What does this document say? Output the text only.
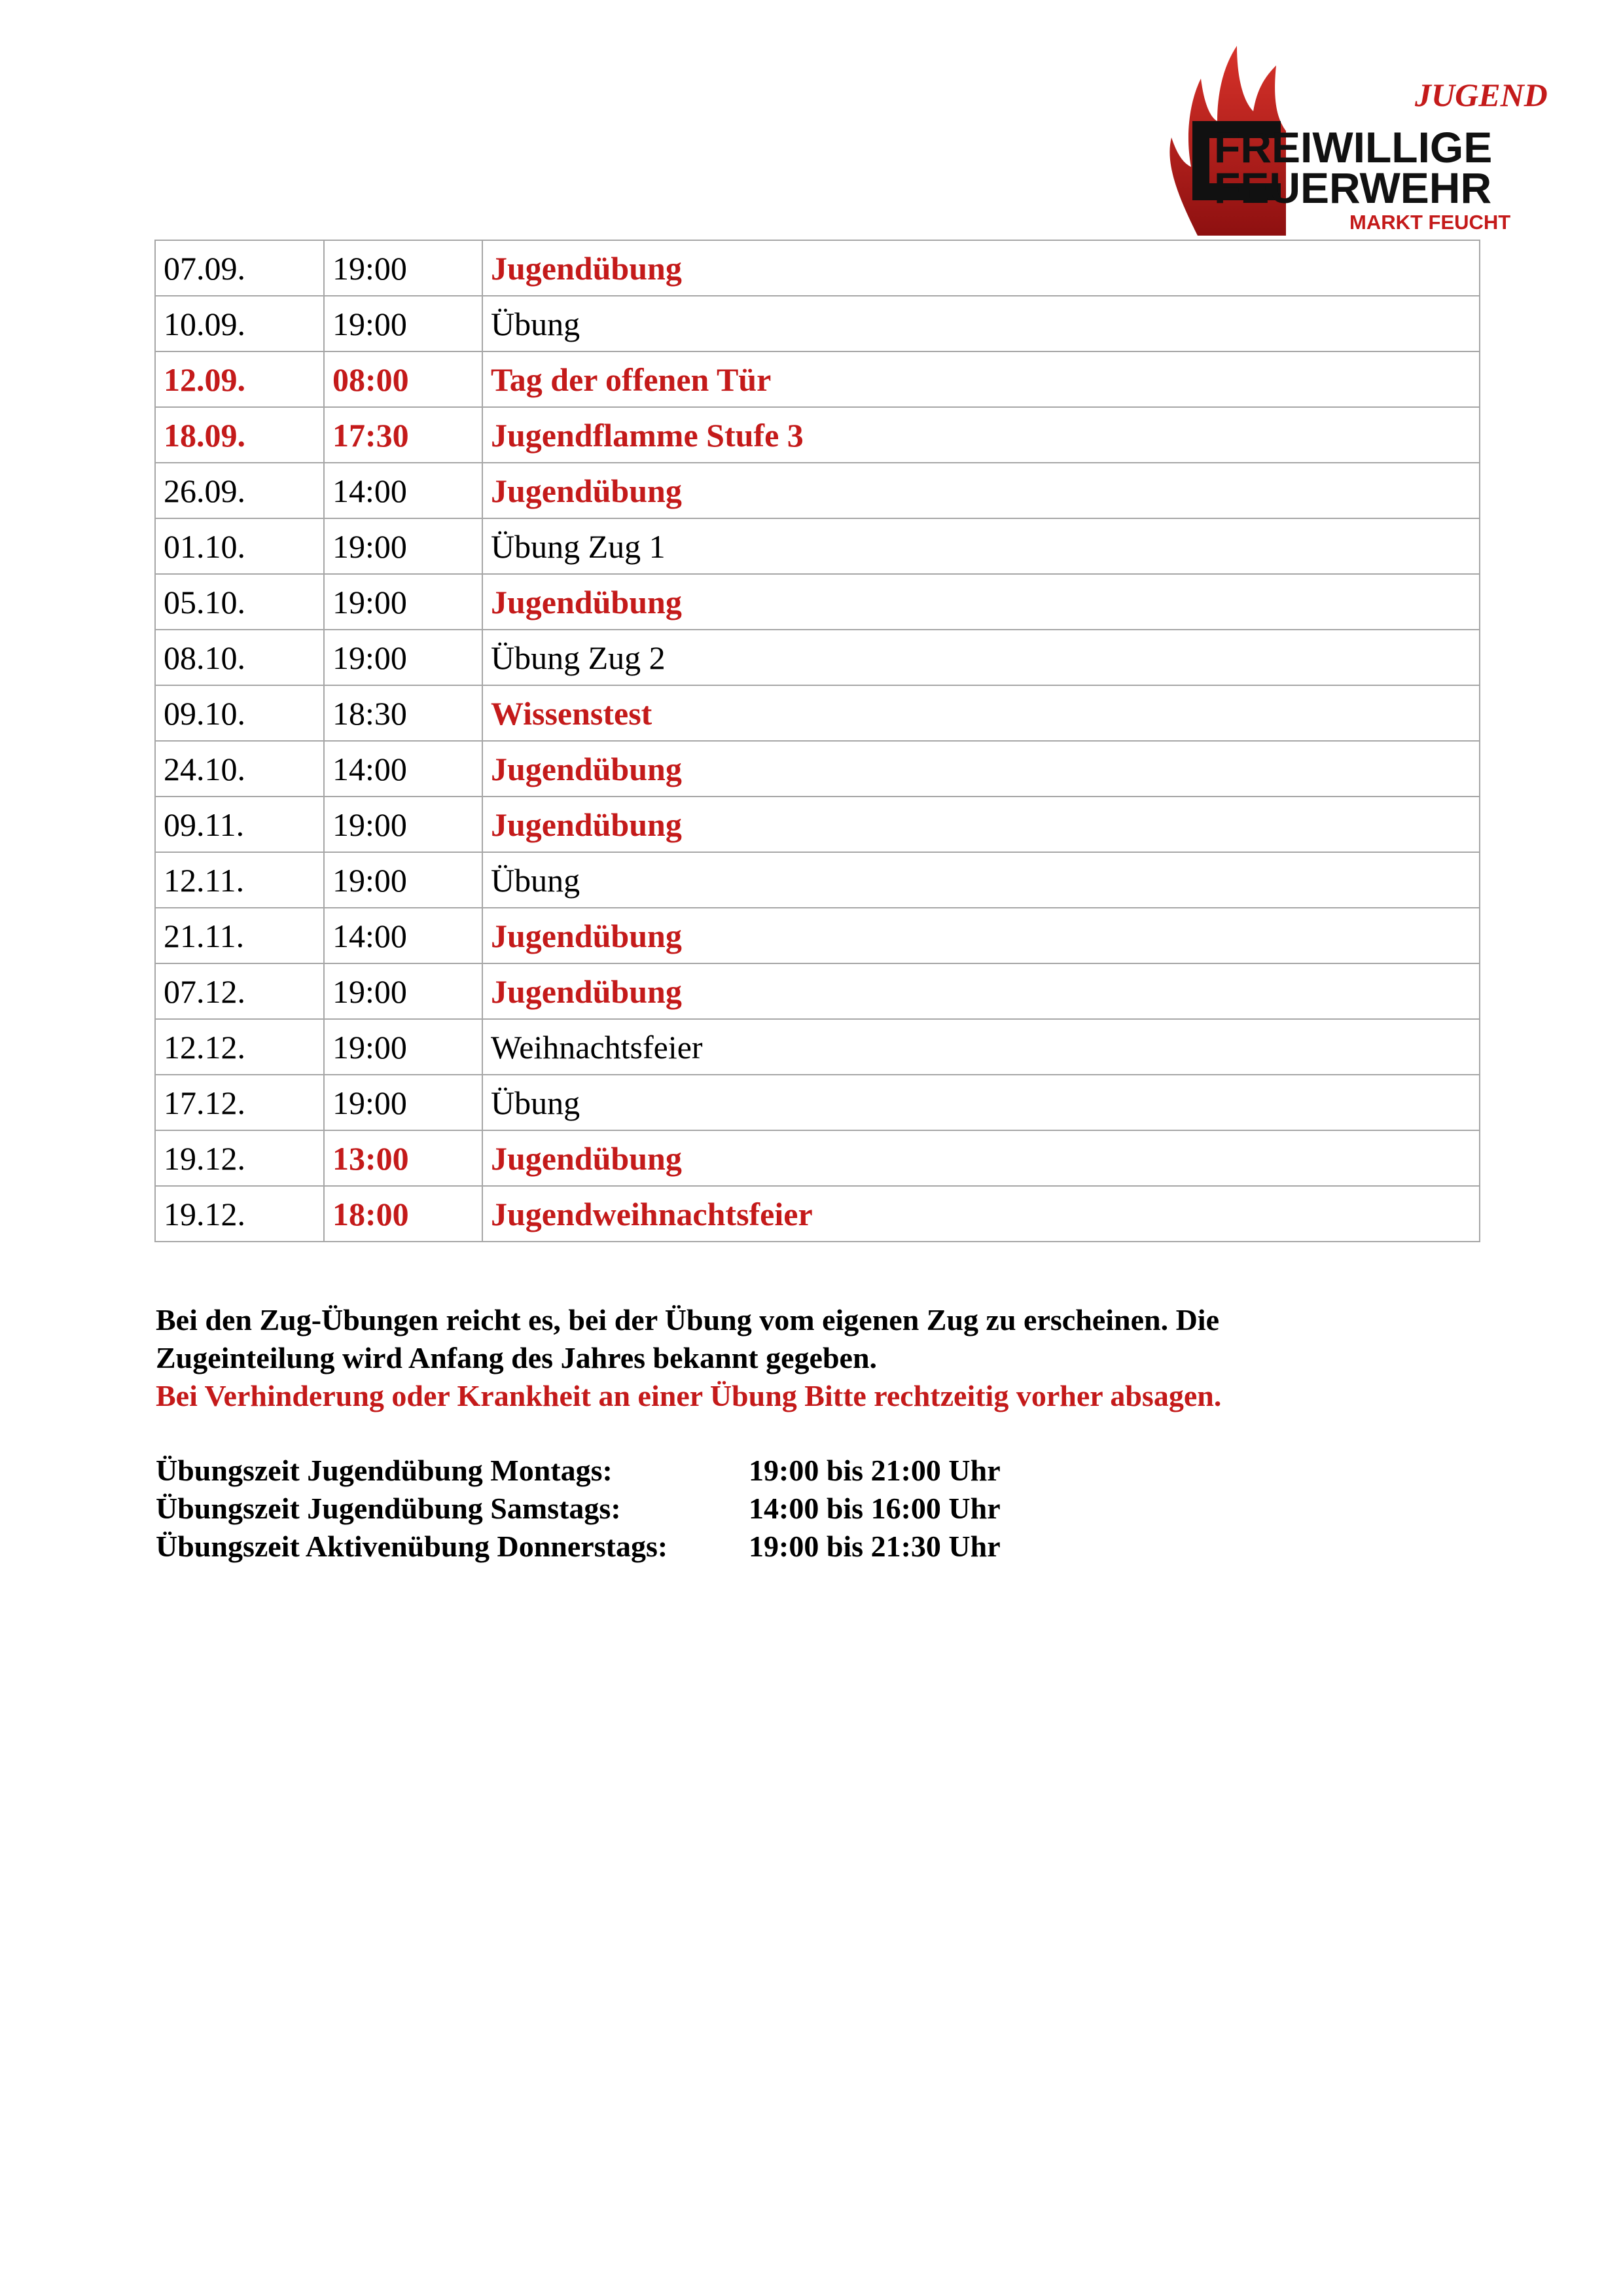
FREIWILLIGE
FEUERWEHR
MARKT FEUCHT
JUGEND
07.09.	19:00	Jugendübung
10.09.	19:00	Übung
12.09.	08:00	Tag der offenen Tür
18.09.	17:30	Jugendflamme Stufe 3
26.09.	14:00	Jugendübung
01.10.	19:00	Übung Zug 1
05.10.	19:00	Jugendübung
08.10.	19:00	Übung Zug 2
09.10.	18:30	Wissenstest
24.10.	14:00	Jugendübung
09.11.	19:00	Jugendübung
12.11.	19:00	Übung
21.11.	14:00	Jugendübung
07.12.	19:00	Jugendübung
12.12.	19:00	Weihnachtsfeier
17.12.	19:00	Übung
19.12.	13:00	Jugendübung
19.12.	18:00	Jugendweihnachtsfeier

Bei den Zug-Übungen reicht es, bei der Übung vom eigenen Zug zu erscheinen. Die

Zugeinteilung wird Anfang des Jahres bekannt gegeben.

Bei Verhinderung oder Krankheit an einer Übung Bitte rechtzeitig vorher absagen.

Übungszeit Jugendübung Montags:	19:00 bis 21:00 Uhr
Übungszeit Jugendübung Samstags:	14:00 bis 16:00 Uhr
Übungszeit Aktivenübung Donnerstags:	19:00 bis 21:30 Uhr
